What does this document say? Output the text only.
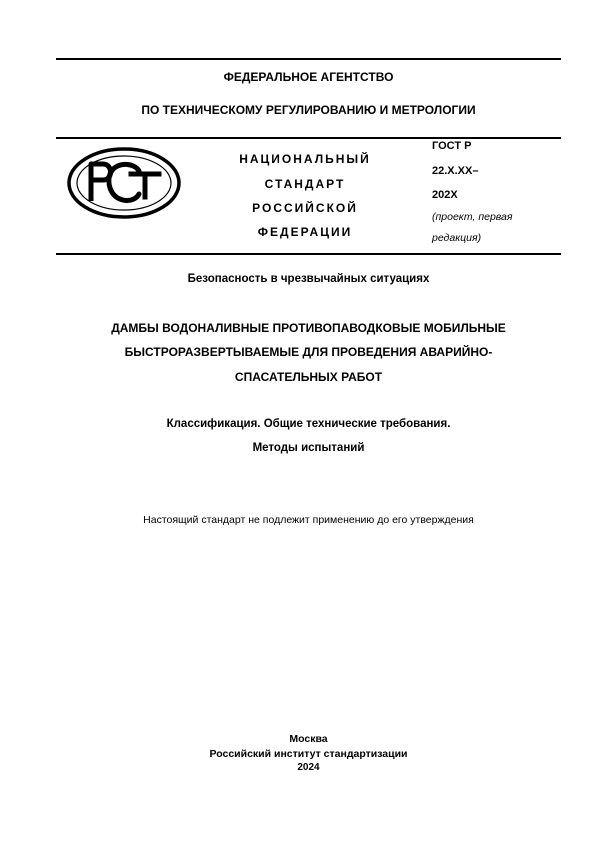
ФЕДЕРАЛЬНОЕ АГЕНТСТВО
ПО ТЕХНИЧЕСКОМУ РЕГУЛИРОВАНИЮ И МЕТРОЛОГИИ
НАЦИОНАЛЬНЫЙ
СТАНДАРТ
РОССИЙСКОЙ
ФЕДЕРАЦИИ
ГОСТ Р
22.Х.ХХ–
202Х
(проект, первая
редакция)
Безопасность в чрезвычайных ситуациях
ДАМБЫ ВОДОНАЛИВНЫЕ ПРОТИВОПАВОДКОВЫЕ МОБИЛЬНЫЕ
БЫСТРОРАЗВЕРТЫВАЕМЫЕ ДЛЯ ПРОВЕДЕНИЯ АВАРИЙНО-
СПАСАТЕЛЬНЫХ РАБОТ
Классификация. Общие технические требования.
Методы испытаний
Настоящий стандарт не подлежит применению до его утверждения
Москва
Российский институт стандартизации
2024
